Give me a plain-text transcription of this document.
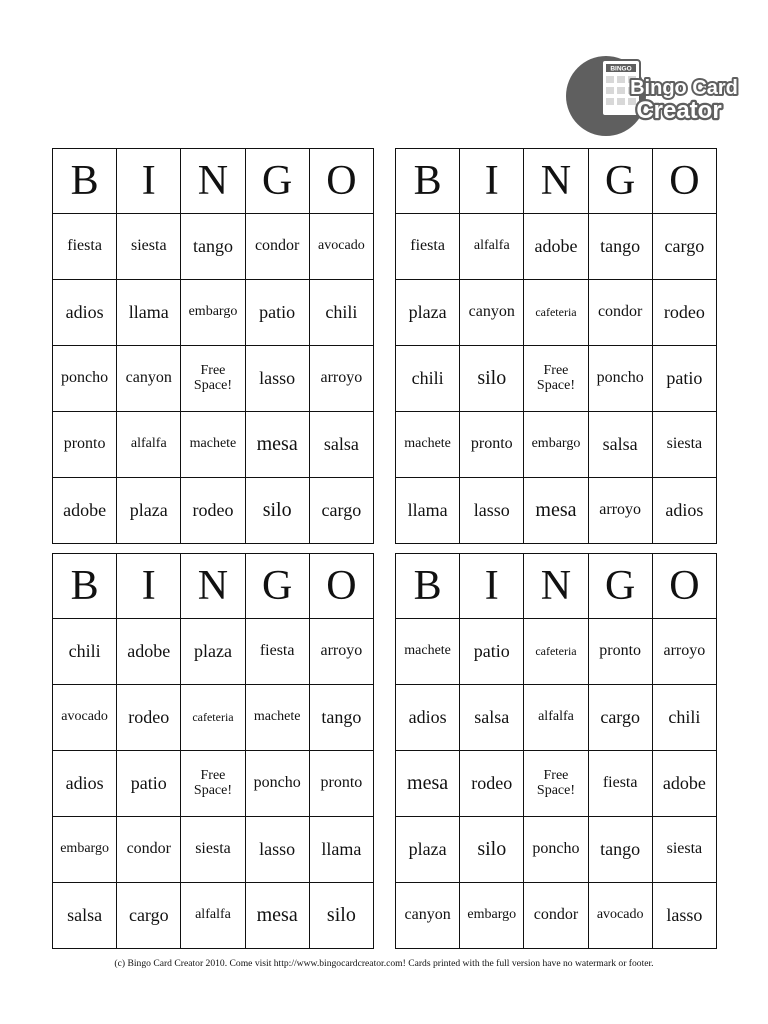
BINGO
Bingo Card
Creator
B	I	N	G	O
fiesta	siesta	tango	condor	avocado
adios	llama	embargo	patio	chili
poncho	canyon	Free Space!	lasso	arroyo
pronto	alfalfa	machete	mesa	salsa
adobe	plaza	rodeo	silo	cargo
B	I	N	G	O
fiesta	alfalfa	adobe	tango	cargo
plaza	canyon	cafeteria	condor	rodeo
chili	silo	Free Space!	poncho	patio
machete	pronto	embargo	salsa	siesta
llama	lasso	mesa	arroyo	adios
B	I	N	G	O
chili	adobe	plaza	fiesta	arroyo
avocado	rodeo	cafeteria	machete	tango
adios	patio	Free Space!	poncho	pronto
embargo	condor	siesta	lasso	llama
salsa	cargo	alfalfa	mesa	silo
B	I	N	G	O
machete	patio	cafeteria	pronto	arroyo
adios	salsa	alfalfa	cargo	chili
mesa	rodeo	Free Space!	fiesta	adobe
plaza	silo	poncho	tango	siesta
canyon	embargo	condor	avocado	lasso
(c) Bingo Card Creator 2010. Come visit http://www.bingocardcreator.com! Cards printed with the full version have no watermark or footer.
